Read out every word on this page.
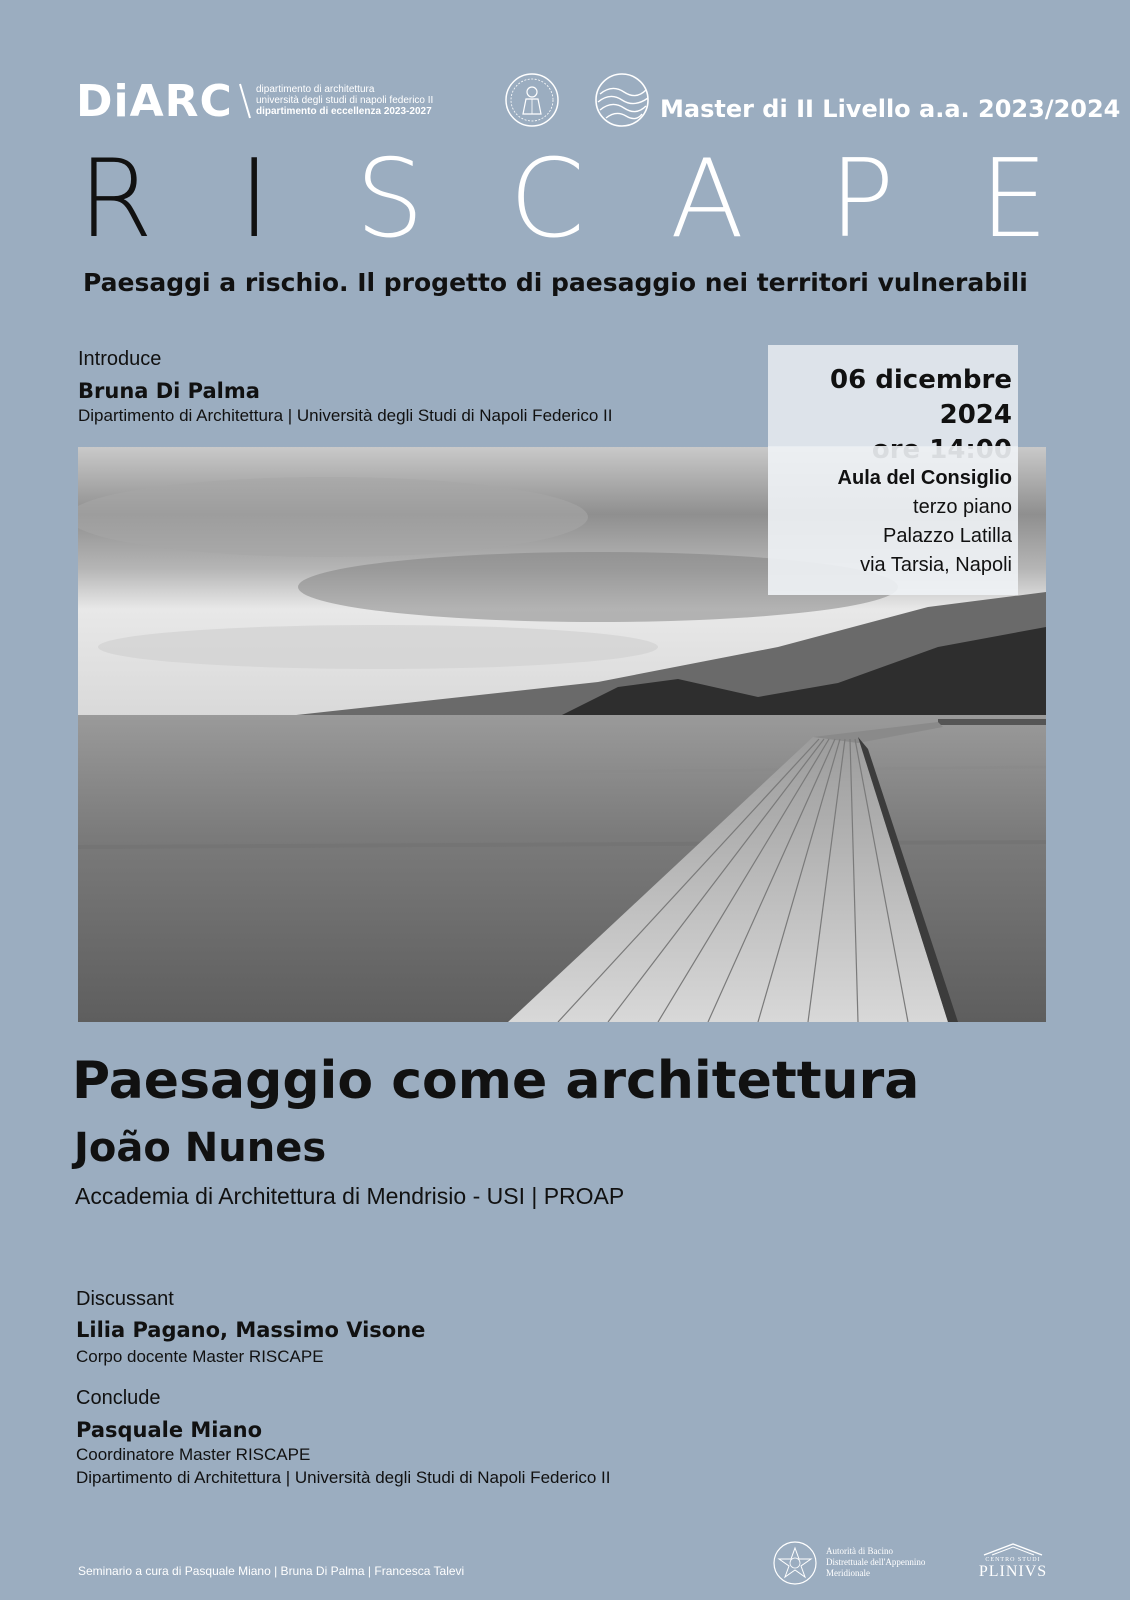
DiARC dipartimento di architettura
università degli studi di napoli federico II
dipartimento di eccellenza 2023-2027	Master di II Livello a.a. 2023/2024
R I S C A P E
Paesaggi a rischio. Il progetto di paesaggio nei territori vulnerabili
Introduce
Bruna Di Palma
Dipartimento di Architettura | Università degli Studi di Napoli Federico II
06 dicembre 2024
Aula del Consiglio
terzo piano
Palazzo Latilla
via Tarsia, Napoli
Paesaggio come architettura
João Nunes
Accademia di Architettura di Mendrisio - USI | PROAP
Discussant
Lilia Pagano, Massimo Visone
Corpo docente Master RISCAPE
Conclude
Pasquale Miano
Coordinatore Master RISCAPE
Dipartimento di Architettura | Università degli Studi di Napoli Federico II
Seminario a cura di Pasquale Miano | Bruna Di Palma | Francesca Talevi
Autorità di Bacino
Distrettuale dell'Appennino
Meridionale
CENTRO STUDI
PLINIVS
